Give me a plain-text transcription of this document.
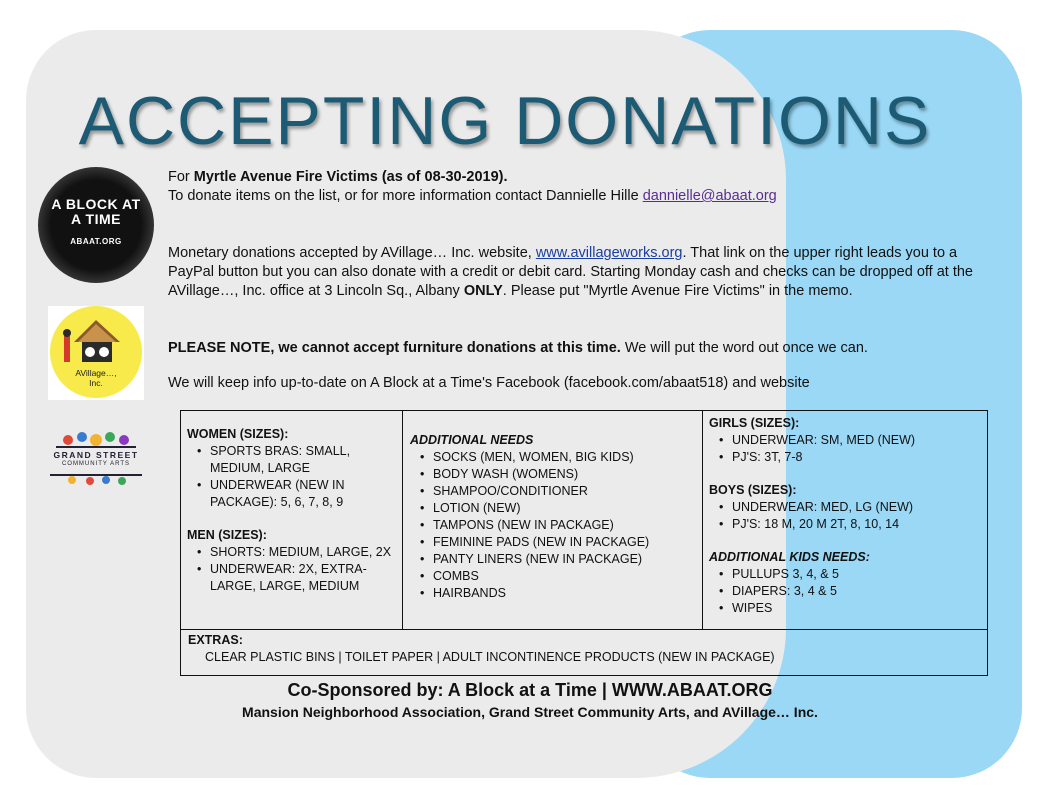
ACCEPTING DONATIONS
A BLOCK AT
A TIME
ABAAT.ORG
AVillage…,
Inc.
GRAND STREET
COMMUNITY ARTS
For Myrtle Avenue Fire Victims (as of 08-30-2019).
To donate items on the list, or for more information contact Dannielle Hille dannielle@abaat.org
Monetary donations accepted by AVillage… Inc. website, www.avillageworks.org. That link on the upper right leads you to a PayPal button but you can also donate with a credit or debit card. Starting Monday cash and checks can be dropped off at the AVillage…, Inc. office at 3 Lincoln Sq., Albany ONLY. Please put "Myrtle Avenue Fire Victims" in the memo.
PLEASE NOTE, we cannot accept furniture donations at this time. We will put the word out once we can.
We will keep info up-to-date on A Block at a Time's Facebook (facebook.com/abaat518) and website
WOMEN (SIZES):
• SPORTS BRAS: SMALL, MEDIUM, LARGE
• UNDERWEAR (NEW IN PACKAGE): 5, 6, 7, 8, 9
MEN (SIZES):
• SHORTS: MEDIUM, LARGE, 2X
• UNDERWEAR: 2X, EXTRA-LARGE, LARGE, MEDIUM
ADDITIONAL NEEDS
• SOCKS (MEN, WOMEN, BIG KIDS)
• BODY WASH (WOMENS)
• SHAMPOO/CONDITIONER
• LOTION (NEW)
• TAMPONS (NEW IN PACKAGE)
• FEMININE PADS (NEW IN PACKAGE)
• PANTY LINERS (NEW IN PACKAGE)
• COMBS
• HAIRBANDS
GIRLS (SIZES):
• UNDERWEAR: SM, MED (NEW)
• PJ'S: 3T, 7-8
BOYS (SIZES):
• UNDERWEAR: MED, LG (NEW)
• PJ'S: 18 M, 20 M 2T, 8, 10, 14
ADDITIONAL KIDS NEEDS:
• PULLUPS 3, 4, & 5
• DIAPERS: 3, 4 & 5
• WIPES
EXTRAS:
CLEAR PLASTIC BINS | TOILET PAPER | ADULT INCONTINENCE PRODUCTS (NEW IN PACKAGE)
Co-Sponsored by: A Block at a Time | WWW.ABAAT.ORG
Mansion Neighborhood Association, Grand Street Community Arts, and AVillage… Inc.
